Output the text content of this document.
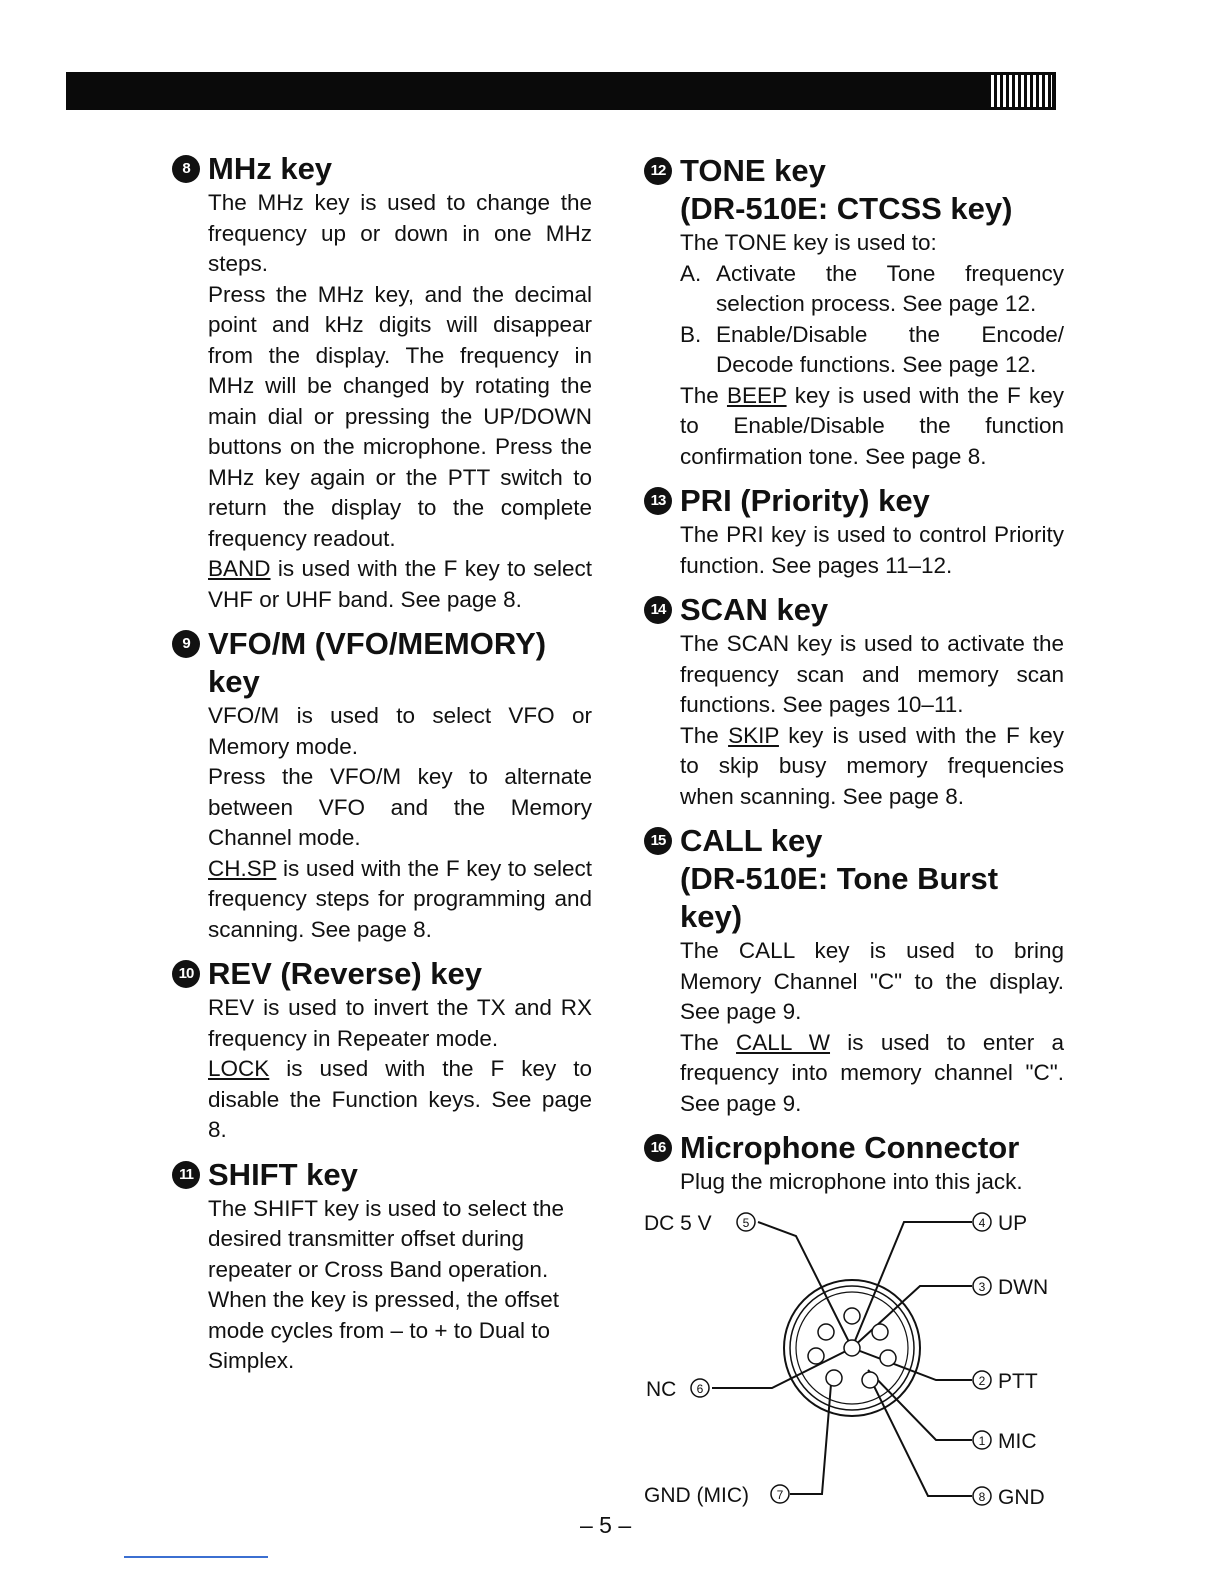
8 MHz key

The MHz key is used to change the frequency up or down in one MHz steps.

Press the MHz key, and the decimal point and kHz digits will disappear from the display. The frequency in MHz will be changed by rotating the main dial or pressing the UP/DOWN buttons on the microphone. Press the MHz key again or the PTT switch to return the display to the complete frequency readout.

BAND is used with the F key to select VHF or UHF band. See page 8.

9 VFO/M (VFO/MEMORY)
key

VFO/M is used to select VFO or Memory mode.

Press the VFO/M key to alternate between VFO and the Memory Channel mode.

CH.SP is used with the F key to select frequency steps for programming and scanning. See page 8.

10 REV (Reverse) key

REV is used to invert the TX and RX frequency in Repeater mode.

LOCK is used with the F key to disable the Function keys. See page 8.

11 SHIFT key

The SHIFT key is used to select the desired transmitter offset during repeater or Cross Band operation. When the key is pressed, the offset mode cycles from – to + to Dual to Simplex.

12 TONE key
(DR-510E: CTCSS key)

The TONE key is used to:

A. Activate the Tone frequency selection process. See page 12.
B. Enable/Disable the Encode/ Decode functions. See page 12.

The BEEP key is used with the F key to Enable/Disable the function confirmation tone. See page 8.

13 PRI (Priority) key

The PRI key is used to control Priority function. See pages 11–12.

14 SCAN key

The SCAN key is used to activate the frequency scan and memory scan functions. See pages 10–11.

The SKIP key is used with the F key to skip busy memory frequencies when scanning. See page 8.

15 CALL key
(DR-510E: Tone Burst key)

The CALL key is used to bring Memory Channel "C" to the display. See page 9.

The CALL W is used to enter a frequency into memory channel "C". See page 9.

16 Microphone Connector

Plug the microphone into this jack.

DC 5 V	5	4 UP
3 DWN
NC 6
2 PTT
1 MIC
GND (MIC) 7	8 GND
– 5 –
